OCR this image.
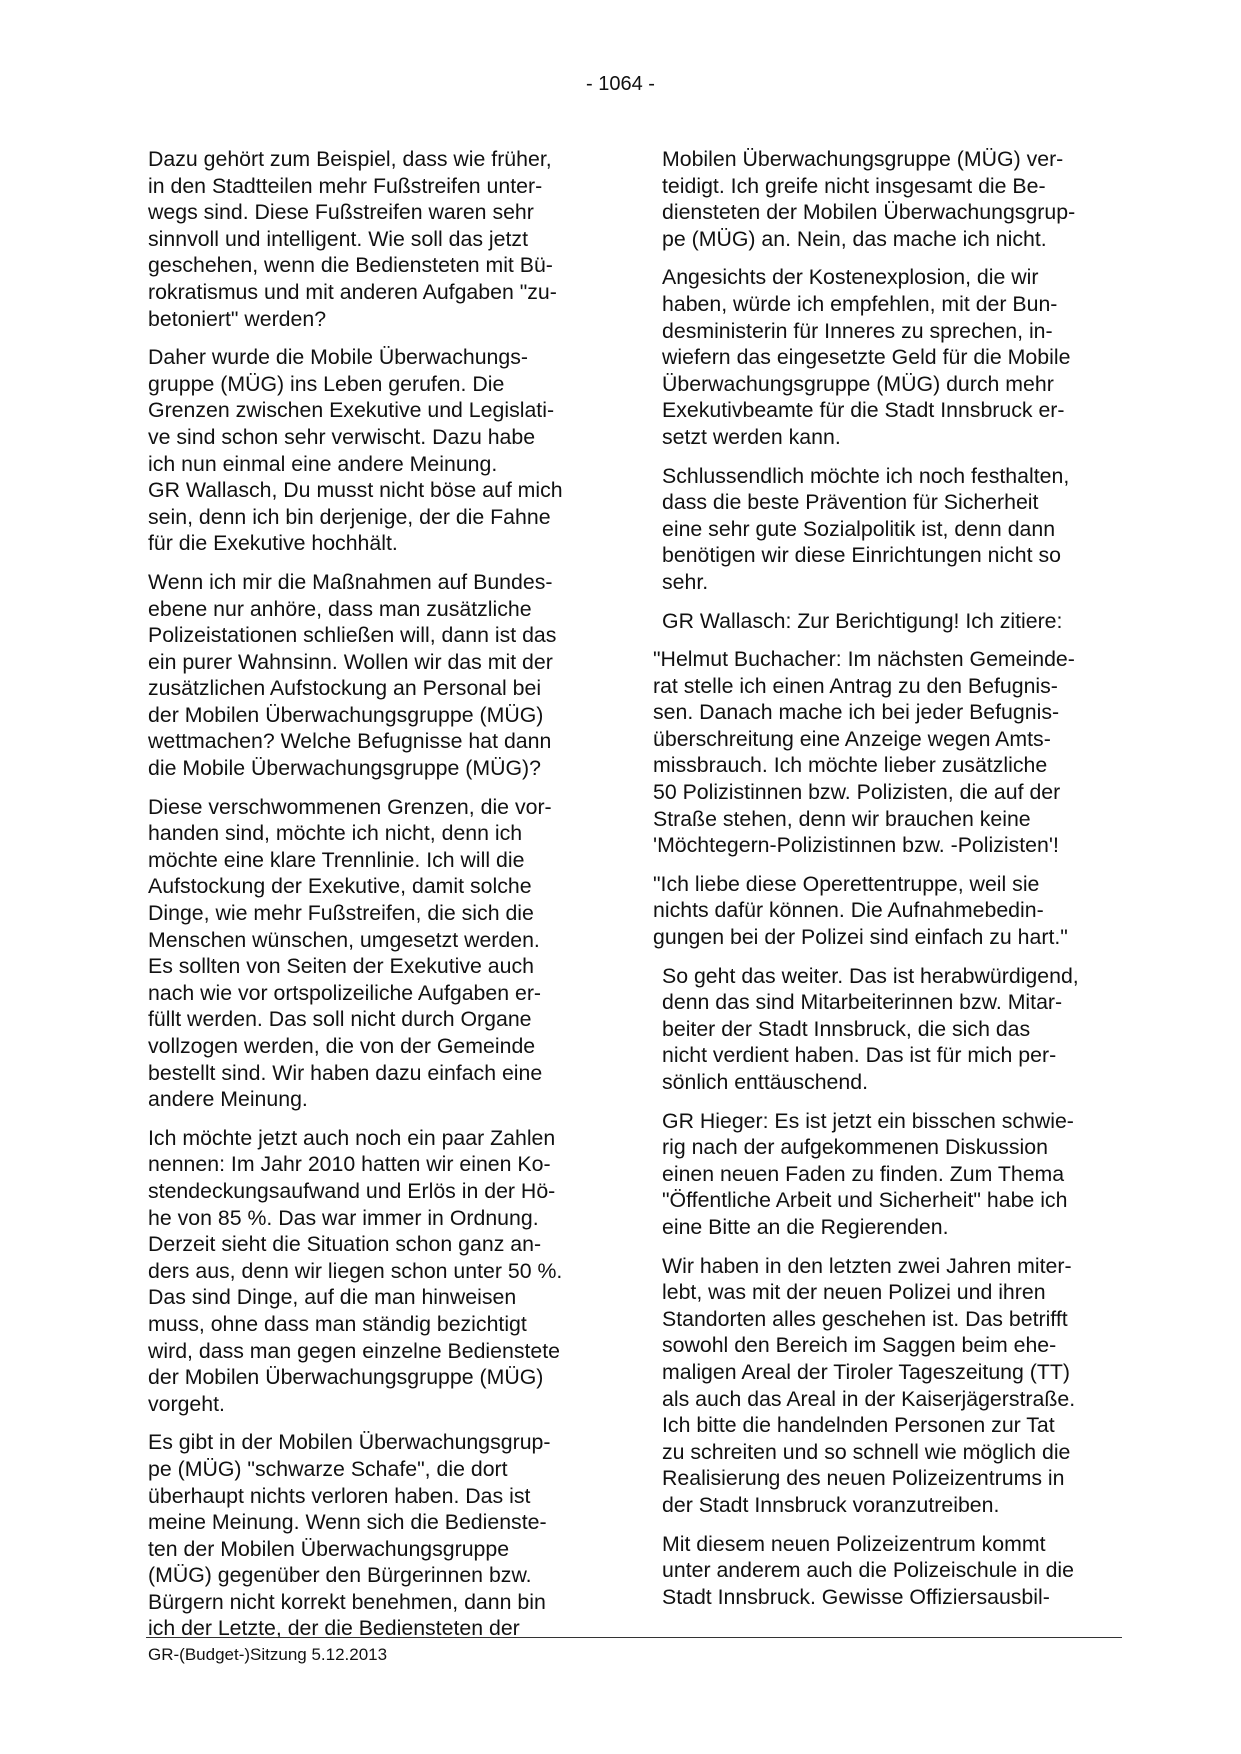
- 1064 -

Dazu gehört zum Beispiel, dass wie früher,
in den Stadtteilen mehr Fußstreifen unter-
wegs sind. Diese Fußstreifen waren sehr
sinnvoll und intelligent. Wie soll das jetzt
geschehen, wenn die Bediensteten mit Bü-
rokratismus und mit anderen Aufgaben "zu-
betoniert" werden?

Daher wurde die Mobile Überwachungs-
gruppe (MÜG) ins Leben gerufen. Die
Grenzen zwischen Exekutive und Legislati-
ve sind schon sehr verwischt. Dazu habe
ich nun einmal eine andere Meinung.
GR Wallasch, Du musst nicht böse auf mich
sein, denn ich bin derjenige, der die Fahne
für die Exekutive hochhält.

Wenn ich mir die Maßnahmen auf Bundes-
ebene nur anhöre, dass man zusätzliche
Polizeistationen schließen will, dann ist das
ein purer Wahnsinn. Wollen wir das mit der
zusätzlichen Aufstockung an Personal bei
der Mobilen Überwachungsgruppe (MÜG)
wettmachen? Welche Befugnisse hat dann
die Mobile Überwachungsgruppe (MÜG)?

Diese verschwommenen Grenzen, die vor-
handen sind, möchte ich nicht, denn ich
möchte eine klare Trennlinie. Ich will die
Aufstockung der Exekutive, damit solche
Dinge, wie mehr Fußstreifen, die sich die
Menschen wünschen, umgesetzt werden.
Es sollten von Seiten der Exekutive auch
nach wie vor ortspolizeiliche Aufgaben er-
füllt werden. Das soll nicht durch Organe
vollzogen werden, die von der Gemeinde
bestellt sind. Wir haben dazu einfach eine
andere Meinung.

Ich möchte jetzt auch noch ein paar Zahlen
nennen: Im Jahr 2010 hatten wir einen Ko-
stendeckungsaufwand und Erlös in der Hö-
he von 85 %. Das war immer in Ordnung.
Derzeit sieht die Situation schon ganz an-
ders aus, denn wir liegen schon unter 50 %.
Das sind Dinge, auf die man hinweisen
muss, ohne dass man ständig bezichtigt
wird, dass man gegen einzelne Bedienstete
der Mobilen Überwachungsgruppe (MÜG)
vorgeht.

Es gibt in der Mobilen Überwachungsgrup-
pe (MÜG) "schwarze Schafe", die dort
überhaupt nichts verloren haben. Das ist
meine Meinung. Wenn sich die Bedienste-
ten der Mobilen Überwachungsgruppe
(MÜG) gegenüber den Bürgerinnen bzw.
Bürgern nicht korrekt benehmen, dann bin
ich der Letzte, der die Bediensteten der

Mobilen Überwachungsgruppe (MÜG) ver-
teidigt. Ich greife nicht insgesamt die Be-
diensteten der Mobilen Überwachungsgrup-
pe (MÜG) an. Nein, das mache ich nicht.

Angesichts der Kostenexplosion, die wir
haben, würde ich empfehlen, mit der Bun-
desministerin für Inneres zu sprechen, in-
wiefern das eingesetzte Geld für die Mobile
Überwachungsgruppe (MÜG) durch mehr
Exekutivbeamte für die Stadt Innsbruck er-
setzt werden kann.

Schlussendlich möchte ich noch festhalten,
dass die beste Prävention für Sicherheit
eine sehr gute Sozialpolitik ist, denn dann
benötigen wir diese Einrichtungen nicht so
sehr.

GR Wallasch: Zur Berichtigung! Ich zitiere:

"Helmut Buchacher: Im nächsten Gemeinde-
rat stelle ich einen Antrag zu den Befugnis-
sen. Danach mache ich bei jeder Befugnis-
überschreitung eine Anzeige wegen Amts-
missbrauch. Ich möchte lieber zusätzliche
50 Polizistinnen bzw. Polizisten, die auf der
Straße stehen, denn wir brauchen keine
'Möchtegern-Polizistinnen bzw. -Polizisten'!

"Ich liebe diese Operettentruppe, weil sie
nichts dafür können. Die Aufnahmebedin-
gungen bei der Polizei sind einfach zu hart."

So geht das weiter. Das ist herabwürdigend,
denn das sind Mitarbeiterinnen bzw. Mitar-
beiter der Stadt Innsbruck, die sich das
nicht verdient haben. Das ist für mich per-
sönlich enttäuschend.

GR Hieger: Es ist jetzt ein bisschen schwie-
rig nach der aufgekommenen Diskussion
einen neuen Faden zu finden. Zum Thema
"Öffentliche Arbeit und Sicherheit" habe ich
eine Bitte an die Regierenden.

Wir haben in den letzten zwei Jahren miter-
lebt, was mit der neuen Polizei und ihren
Standorten alles geschehen ist. Das betrifft
sowohl den Bereich im Saggen beim ehe-
maligen Areal der Tiroler Tageszeitung (TT)
als auch das Areal in der Kaiserjägerstraße.
Ich bitte die handelnden Personen zur Tat
zu schreiten und so schnell wie möglich die
Realisierung des neuen Polizeizentrums in
der Stadt Innsbruck voranzutreiben.

Mit diesem neuen Polizeizentrum kommt
unter anderem auch die Polizeischule in die
Stadt Innsbruck. Gewisse Offiziersausbil-

GR-(Budget-)Sitzung 5.12.2013
